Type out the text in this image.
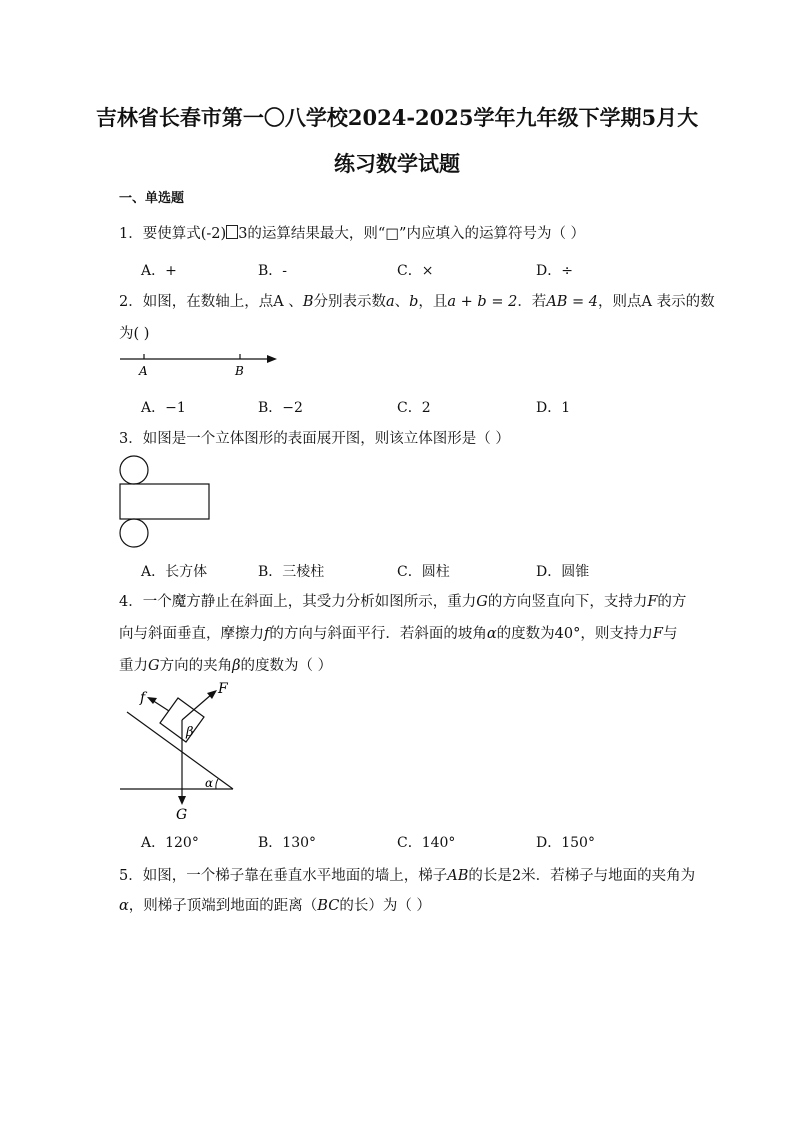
吉林省长春市第一〇八学校2024-2025学年九年级下学期5月大
练习数学试题
一、单选题
1．要使算式(-2) 3的运算结果最大，则“□”内应填入的运算符号为（ ）
A．+	B．-	C．×	D．÷
2．如图，在数轴上，点A 、B分别表示数a、b，且a + b = 2．若AB = 4，则点A 表示的数
为( )
A	B
A．−1	B．−2	C．2	D．1
3．如图是一个立体图形的表面展开图，则该立体图形是（ ）
A．长方体	B．三棱柱	C．圆柱	D．圆锥
4．一个魔方静止在斜面上，其受力分析如图所示，重力G的方向竖直向下，支持力F的方
向与斜面垂直，摩擦力f的方向与斜面平行．若斜面的坡角α的度数为40°，则支持力F与
重力G方向的夹角β的度数为（ ）
f
F
β
α
G
A．120°	B．130°	C．140°	D．150°
5．如图，一个梯子靠在垂直水平地面的墙上，梯子AB的长是2米．若梯子与地面的夹角为
α，则梯子顶端到地面的距离（BC的长）为（ ）
